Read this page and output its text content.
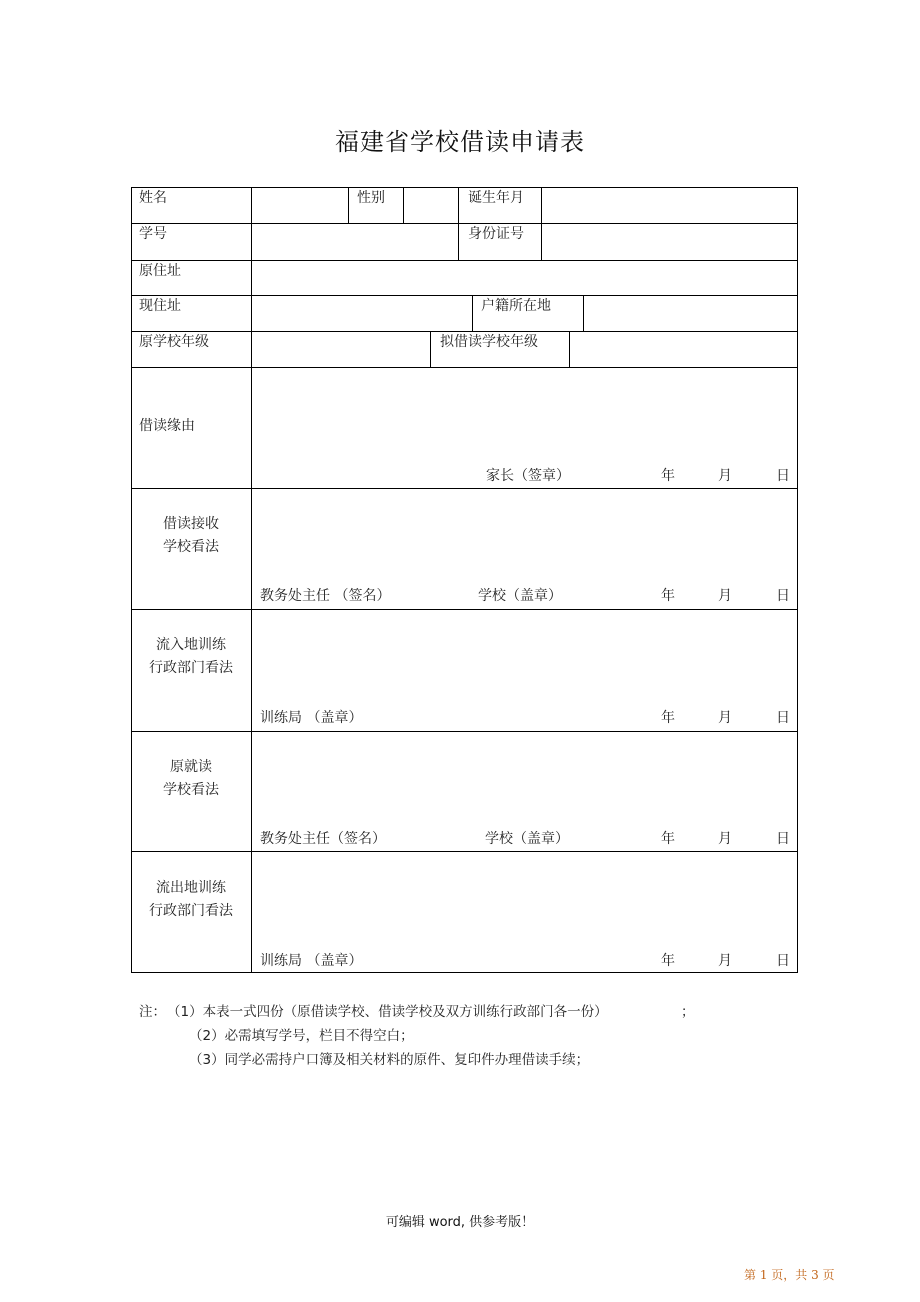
福建省学校借读申请表
姓名	性别	诞生年月
学号	身份证号
原住址
现住址	户籍所在地
原学校年级	拟借读学校年级
借读缘由
家长（签章）	年	月	日
借读接收
学校看法
教务处主任 （签名）	学校（盖章）	年	月	日
流入地训练
行政部门看法
训练局 （盖章）	年	月	日
原就读
学校看法
教务处主任（签名）	学校（盖章）	年	月	日
流出地训练
行政部门看法
训练局 （盖章）	年	月	日
注： （1）本表一式四份（原借读学校、借读学校及双方训练行政部门各一份）	；
（2）必需填写学号，栏目不得空白；
（3）同学必需持户口簿及相关材料的原件、复印件办理借读手续；
可编辑 word, 供参考版！
第 1 页，共 3 页
